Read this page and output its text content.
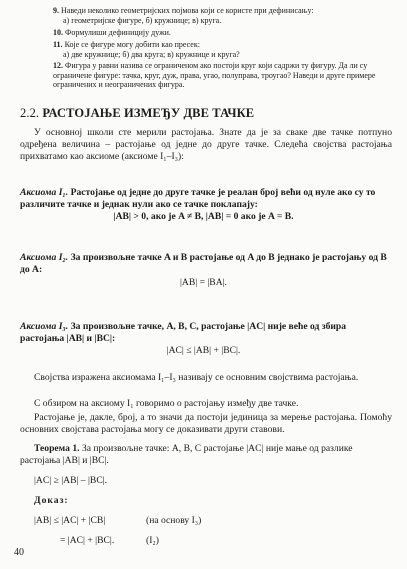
9. Наведи неколико геометријских појмова који се користе при дефинисању:
а) геометријске фигуре, б) кружнице; в) круга.
10. Формулиши дефиницију дужи.
11. Које се фигуре могу добити као пресек:
а) две кружнице; б) два круга; в) кружнице и круга?
12. Фигура у равни назива се ограниченом ако постоји круг који садржи ту фигуру. Да ли су ограничене фигуре: тачка, круг, дуж, права, угао, полуправа, троугао? Наведи и друге примере ограничених и неограничених фигура.
2.2. РАСТОЈАЊЕ ИЗМЕЂУ ДВЕ ТАЧКЕ
У основној школи сте мерили растојања. Знате да је за сваке две тачке потпуно одређена величина – растојање од једне до друге тачке. Следећа својства растојања прихватамо као аксиоме (аксиоме I₁–I₃):
Аксиома I₁. Растојање од једне до друге тачке је реалан број већи од нуле ако су то различите тачке и једнак нули ако се тачке поклапају:
|AB| > 0, ако је A ≠ B, |AB| = 0 ако је A = B.
Аксиома I₂. За произвољне тачке A и B растојање од A до B једнако је растојању од B до A:
|AB| = |BA|.
Аксиома I₃. За произвољне тачке, A, B, C, растојање |AC| није веће од збира растојања |AB| и |BC|:
|AC| ≤ |AB| + |BC|.
Својства изражена аксиомама I₁–I₃ називају се основним својствима растојања.
С обзиром на аксиому I₁ говоримо о растојању између две тачке.
Растојање је, дакле, број, а то значи да постоји јединица за мерење растојања. Помоћу основних својстава растојања могу се доказивати други ставови.
Теорема 1. За произвољне тачке: A, B, C растојање |AC| није мање од разлике растојања |AB| и |BC|.
|AC| ≥ |AB| – |BC|.
Доказ:
|AB| ≤ |AC| + |CB|	(на основу I₃)
= |AC| + |BC|.	(I₂)
40
